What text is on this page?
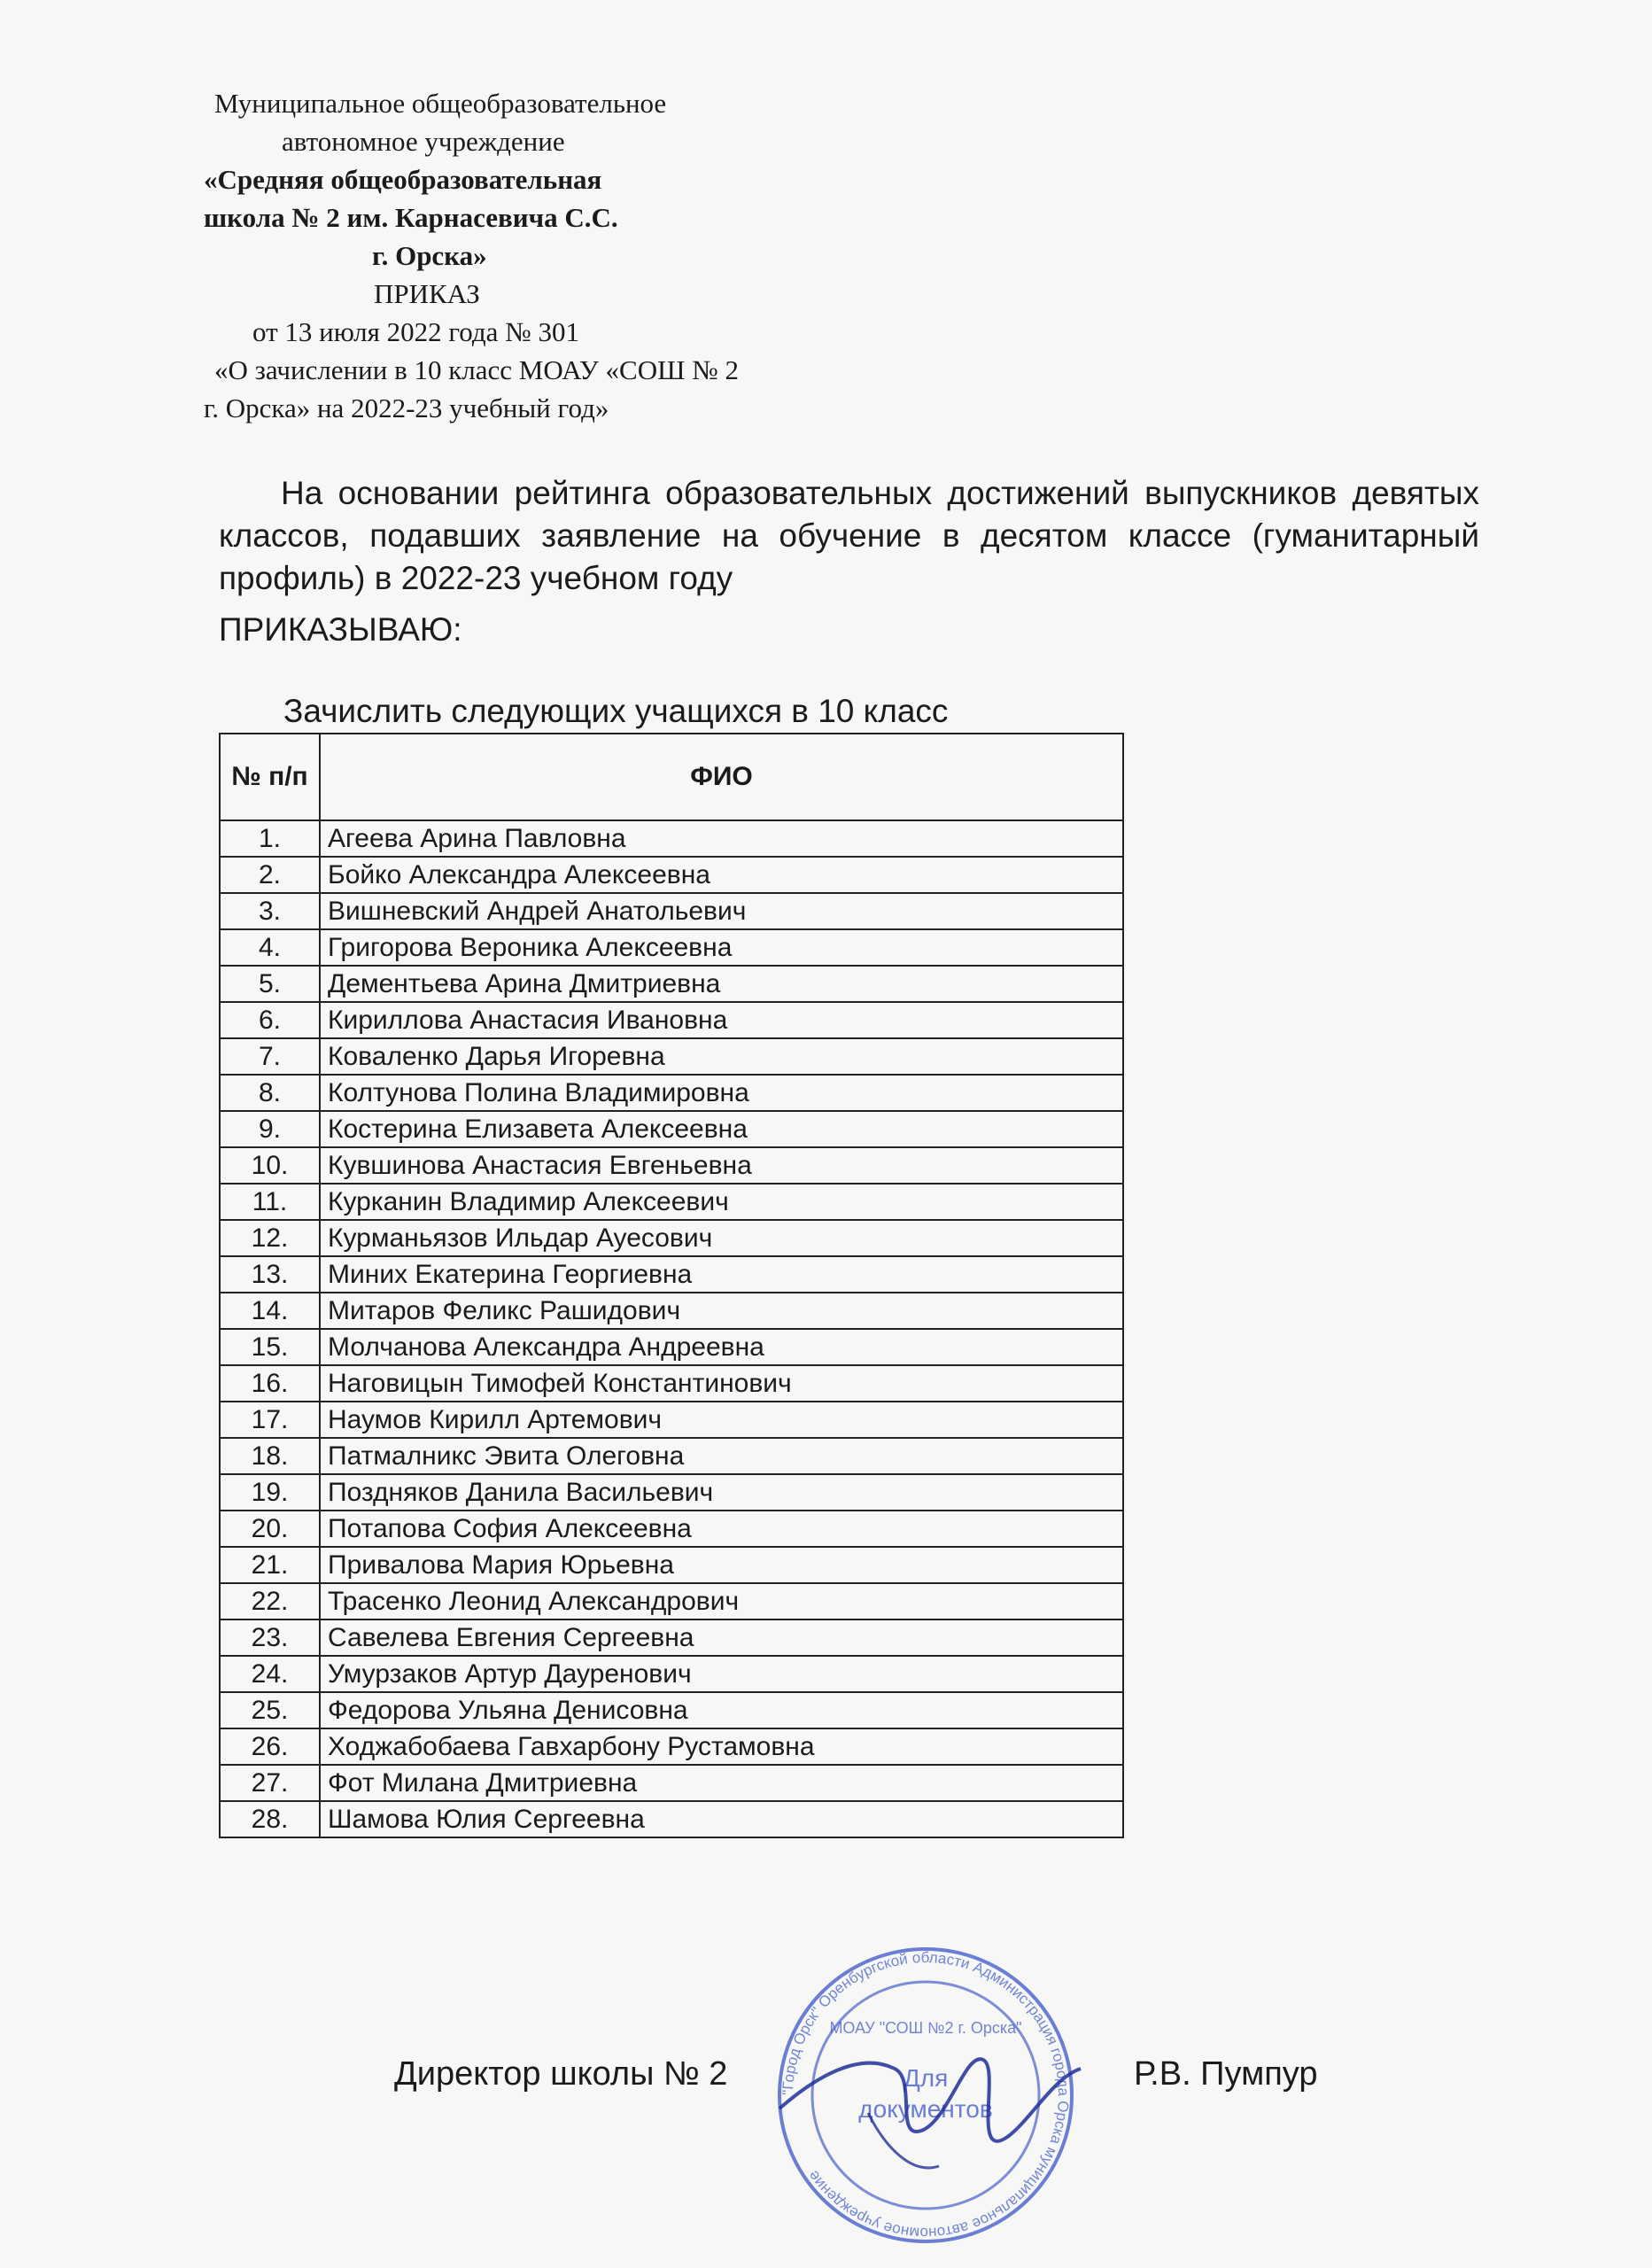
Муниципальное общеобразовательное
автономное учреждение
«Средняя общеобразовательная
школа № 2 им. Карнасевича С.С.
г. Орска»
ПРИКАЗ
от 13 июля 2022 года № 301
«О зачислении в 10 класс МОАУ «СОШ № 2
г. Орска» на 2022-23 учебный год»
На основании рейтинга образовательных достижений выпускников девятых классов, подавших заявление на обучение в десятом классе (гуманитарный профиль) в 2022-23 учебном году
ПРИКАЗЫВАЮ:
Зачислить следующих учащихся в 10 класс
№ п/п	ФИО
1.	Агеева Арина Павловна
2.	Бойко Александра Алексеевна
3.	Вишневский Андрей Анатольевич
4.	Григорова Вероника Алексеевна
5.	Дементьева Арина Дмитриевна
6.	Кириллова Анастасия Ивановна
7.	Коваленко Дарья Игоревна
8.	Колтунова Полина Владимировна
9.	Костерина Елизавета Алексеевна
10.	Кувшинова Анастасия Евгеньевна
11.	Курканин Владимир Алексеевич
12.	Курманьязов Ильдар Ауесович
13.	Миних Екатерина Георгиевна
14.	Митаров Феликс Рашидович
15.	Молчанова Александра Андреевна
16.	Наговицын Тимофей Константинович
17.	Наумов Кирилл Артемович
18.	Патмалникс Эвита Олеговна
19.	Поздняков Данила Васильевич
20.	Потапова София Алексеевна
21.	Привалова Мария Юрьевна
22.	Трасенко Леонид Александрович
23.	Савелева Евгения Сергеевна
24.	Умурзаков Артур Дауренович
25.	Федорова Ульяна Денисовна
26.	Ходжабобаева Гавхарбону Рустамовна
27.	Фот Милана Дмитриевна
28.	Шамова Юлия Сергеевна
"Город Орск" Оренбургской области Администрация города Орска муниципальное автономное учреждение
МОАУ "СОШ №2 г. Орска"
Для
документов
Директор школы № 2	Р.В. Пумпур
